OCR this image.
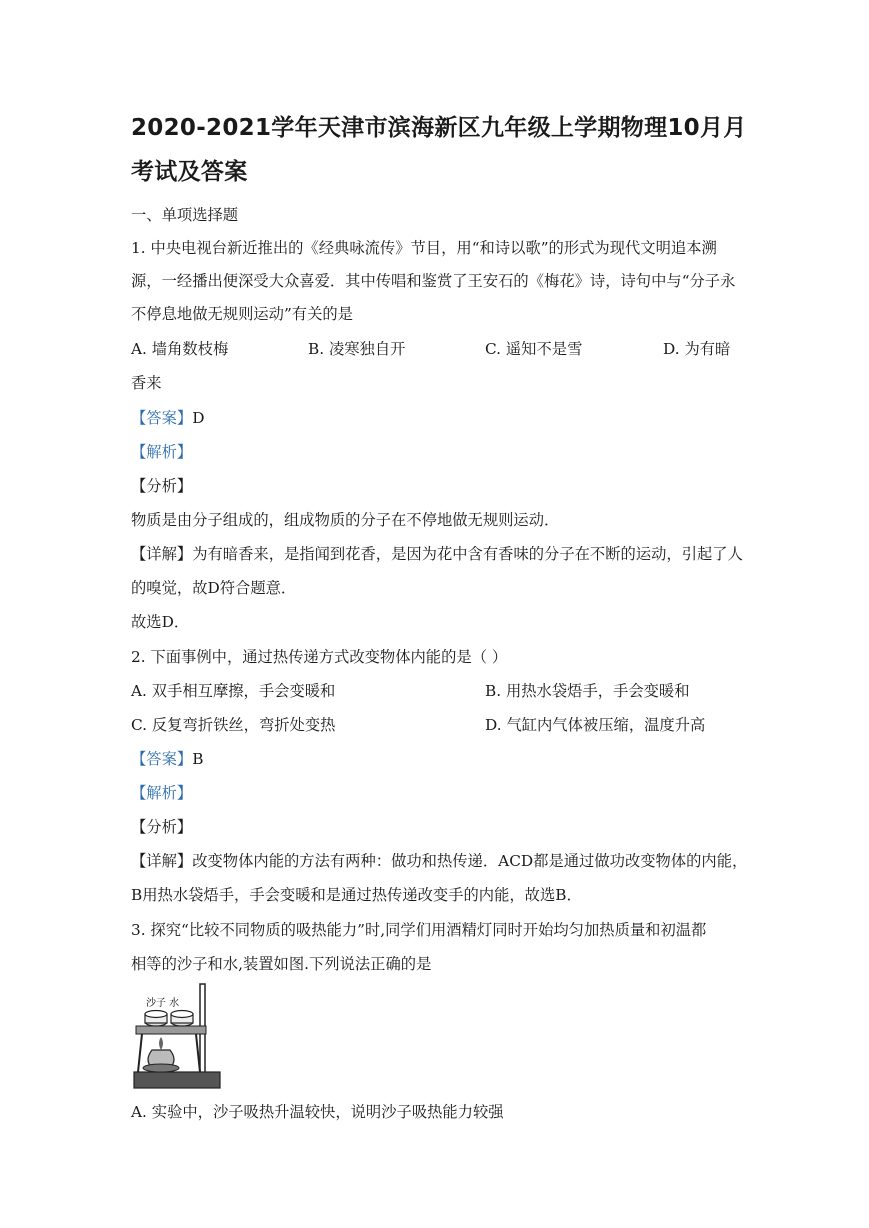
2020-2021学年天津市滨海新区九年级上学期物理10月月
考试及答案
一、单项选择题
1. 中央电视台新近推出的《经典咏流传》节目，用“和诗以歌”的形式为现代文明追本溯
源，一经播出便深受大众喜爱．其中传唱和鉴赏了王安石的《梅花》诗，诗句中与“分子永
不停息地做无规则运动”有关的是
A. 墙角数枝梅	B. 凌寒独自开	C. 遥知不是雪	D. 为有暗
香来
【答案】D
【解析】
【分析】
物质是由分子组成的，组成物质的分子在不停地做无规则运动．
【详解】为有暗香来，是指闻到花香，是因为花中含有香味的分子在不断的运动，引起了人
的嗅觉，故D符合题意．
故选D．
2. 下面事例中，通过热传递方式改变物体内能的是（ ）
A. 双手相互摩擦，手会变暖和	B. 用热水袋焐手，手会变暖和
C. 反复弯折铁丝，弯折处变热	D. 气缸内气体被压缩，温度升高
【答案】B
【解析】
【分析】
【详解】改变物体内能的方法有两种：做功和热传递．ACD都是通过做功改变物体的内能，
B用热水袋焐手，手会变暖和是通过热传递改变手的内能，故选B．
3. 探究“比较不同物质的吸热能力”时,同学们用酒精灯同时开始均匀加热质量和初温都
相等的沙子和水,装置如图.下列说法正确的是
沙子 水
A. 实验中，沙子吸热升温较快，说明沙子吸热能力较强
